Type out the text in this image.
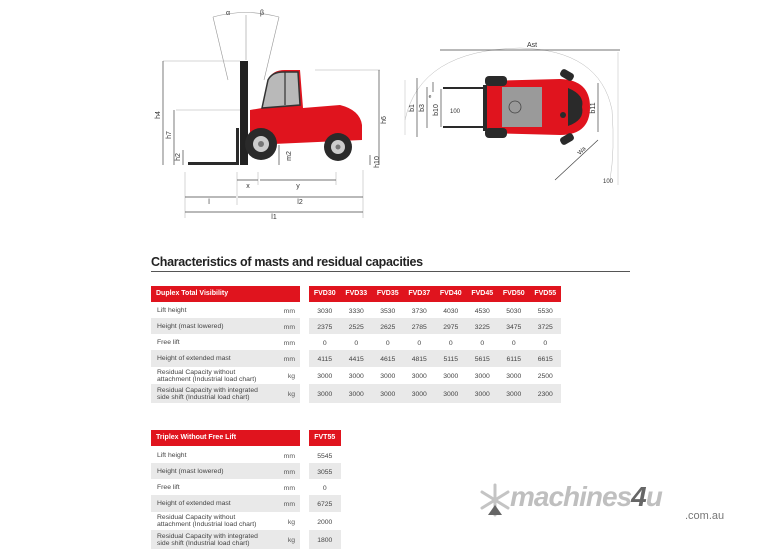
α	β
h4
h7
h2	m2
h6
h10
x	y
l	l2
l1
Ast
b1 b3 b10
e
100	b11
Wa
100
Characteristics of masts and residual capacities
Duplex Total Visibility	FVD30	FVD33	FVD35	FVD37	FVD40	FVD45	FVD50	FVD55
Lift height	mm	3030	3330	3530	3730	4030	4530	5030	5530
Height (mast lowered)	mm	2375	2525	2625	2785	2975	3225	3475	3725
Free lift	mm	0	0	0	0	0	0	0	0
Height of extended mast	mm	4115	4415	4615	4815	5115	5615	6115	6615
Residual Capacity without attachment (Industrial load chart)	kg	3000	3000	3000	3000	3000	3000	3000	2500
Residual Capacity with integrated side shift (Industrial load chart)	kg	3000	3000	3000	3000	3000	3000	3000	2300
Triplex Without Free Lift	FVT55
Lift height	mm	5545
Height (mast lowered)	mm	3055
Free lift	mm	0
Height of extended mast	mm	6725
Residual Capacity without attachment (Industrial load chart)	kg	2000
Residual Capacity with integrated side shift (Industrial load chart)	kg	1800
machines4u
.com.au
